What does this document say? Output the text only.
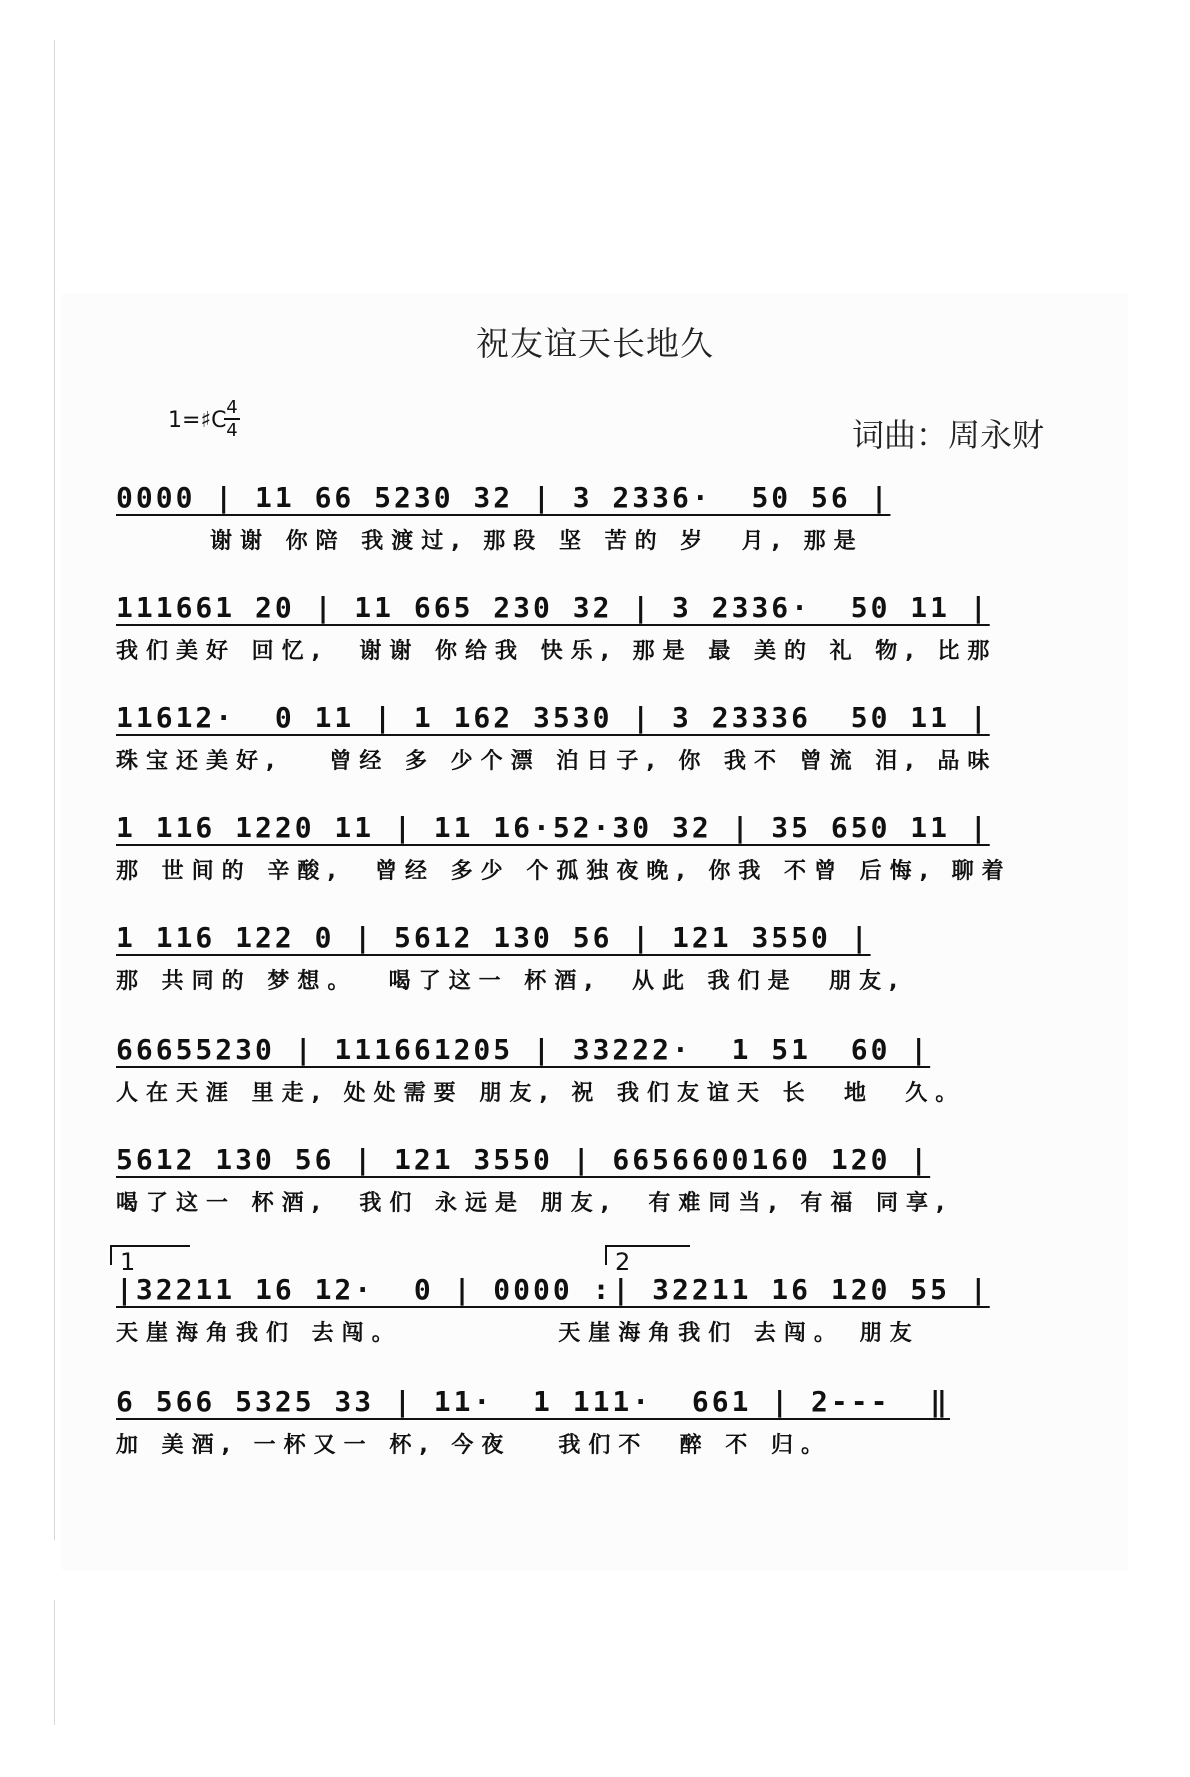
祝友谊天长地久
1=♯C
4
4	词曲：周永财
0000 | 11 66 5230 32 | 3 2336·  50 56 |
谢谢 你陪 我渡过, 那段 坚 苦的 岁  月, 那是
111661 20 | 11 665 230 32 | 3 2336·  50 11 |
我们美好 回忆,  谢谢 你给我 快乐, 那是 最 美的 礼 物, 比那
11612·  0 11 | 1 162 3530 | 3 23336  50 11 |
珠宝还美好,   曾经 多 少个漂 泊日子, 你 我不 曾流 泪, 品味
1 116 1220 11 | 11 16·52·30 32 | 35 650 11 |
那 世间的 辛酸,  曾经 多少 个孤独夜晚, 你我 不曾 后悔, 聊着
1 116 122 0 | 5612 130 56 | 121 3550 |
那 共同的 梦想。  喝了这一 杯酒,  从此 我们是  朋友,
66655230 | 111661205 | 33222·  1 51  60 |
人在天涯 里走, 处处需要 朋友, 祝 我们友谊天 长  地  久。
5612 130 56 | 121 3550 | 6656600160 120 |
喝了这一 杯酒,  我们 永远是 朋友,  有难同当, 有福 同享,
1	2
|32211 16 12·  0 | 0000 :| 32211 16 120 55 |
天崖海角我们 去闯。          天崖海角我们 去闯。 朋友
6 566 5325 33 | 11·  1 111·  661 | 2---  ‖
加 美酒, 一杯又一 杯, 今夜   我们不  醉 不 归。
